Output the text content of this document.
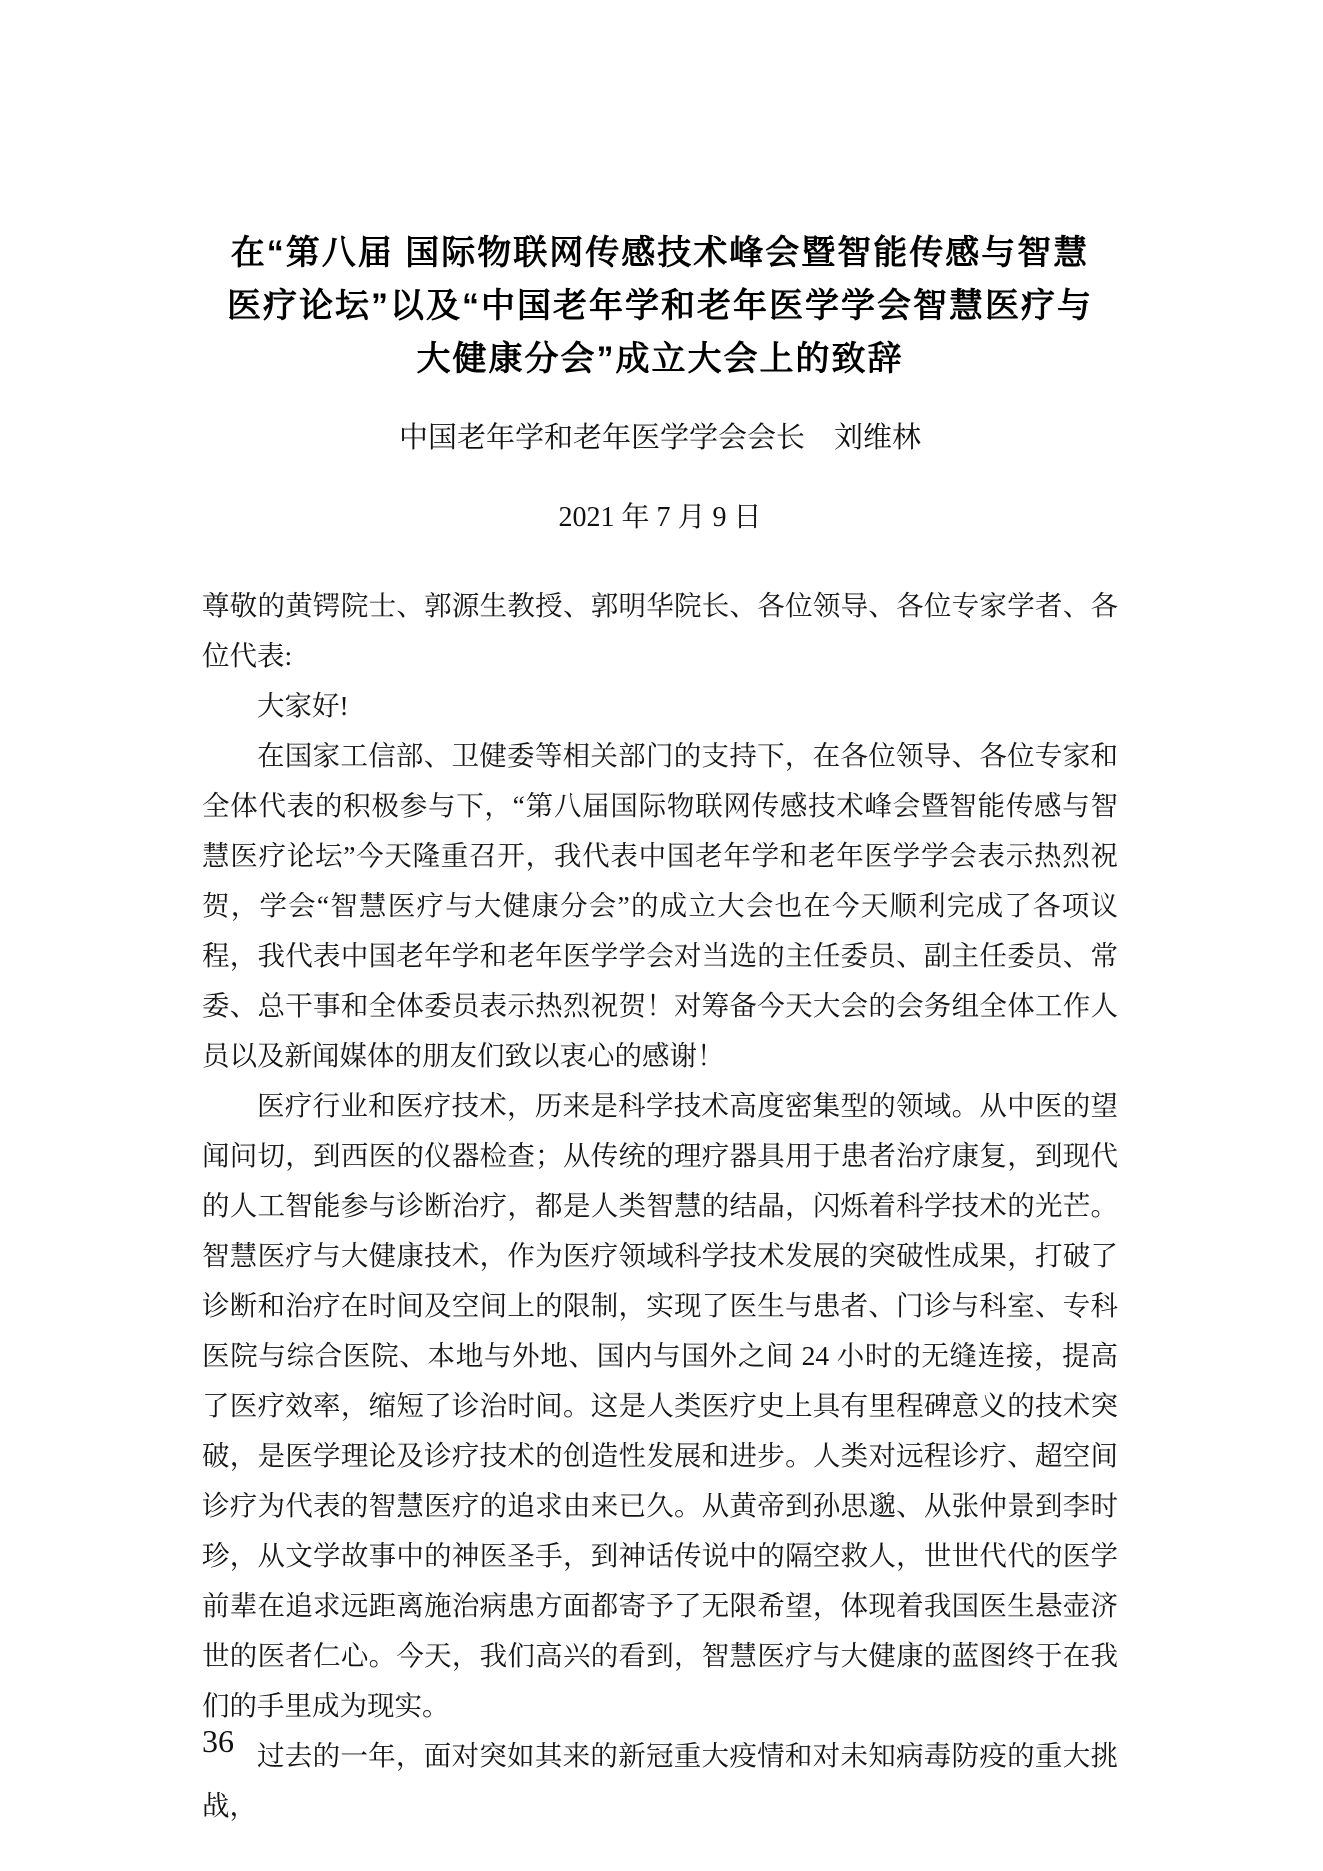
在“第八届 国际物联网传感技术峰会暨智能传感与智慧
医疗论坛”以及“中国老年学和老年医学学会智慧医疗与
大健康分会”成立大会上的致辞
中国老年学和老年医学学会会长　刘维林
2021 年 7 月 9 日

尊敬的黄锷院士、郭源生教授、郭明华院长、各位领导、各位专家学者、各位代表:

大家好!

在国家工信部、卫健委等相关部门的支持下，在各位领导、各位专家和全体代表的积极参与下，“第八届国际物联网传感技术峰会暨智能传感与智慧医疗论坛”今天隆重召开，我代表中国老年学和老年医学学会表示热烈祝贺，学会“智慧医疗与大健康分会”的成立大会也在今天顺利完成了各项议程，我代表中国老年学和老年医学学会对当选的主任委员、副主任委员、常委、总干事和全体委员表示热烈祝贺！对筹备今天大会的会务组全体工作人员以及新闻媒体的朋友们致以衷心的感谢！

医疗行业和医疗技术，历来是科学技术高度密集型的领域。从中医的望闻问切，到西医的仪器检查；从传统的理疗器具用于患者治疗康复，到现代的人工智能参与诊断治疗，都是人类智慧的结晶，闪烁着科学技术的光芒。智慧医疗与大健康技术，作为医疗领域科学技术发展的突破性成果，打破了诊断和治疗在时间及空间上的限制，实现了医生与患者、门诊与科室、专科医院与综合医院、本地与外地、国内与国外之间 24 小时的无缝连接，提高了医疗效率，缩短了诊治时间。这是人类医疗史上具有里程碑意义的技术突破，是医学理论及诊疗技术的创造性发展和进步。人类对远程诊疗、超空间诊疗为代表的智慧医疗的追求由来已久。从黄帝到孙思邈、从张仲景到李时珍，从文学故事中的神医圣手，到神话传说中的隔空救人，世世代代的医学前辈在追求远距离施治病患方面都寄予了无限希望，体现着我国医生悬壶济世的医者仁心。今天，我们高兴的看到，智慧医疗与大健康的蓝图终于在我们的手里成为现实。

过去的一年，面对突如其来的新冠重大疫情和对未知病毒防疫的重大挑战，

36
